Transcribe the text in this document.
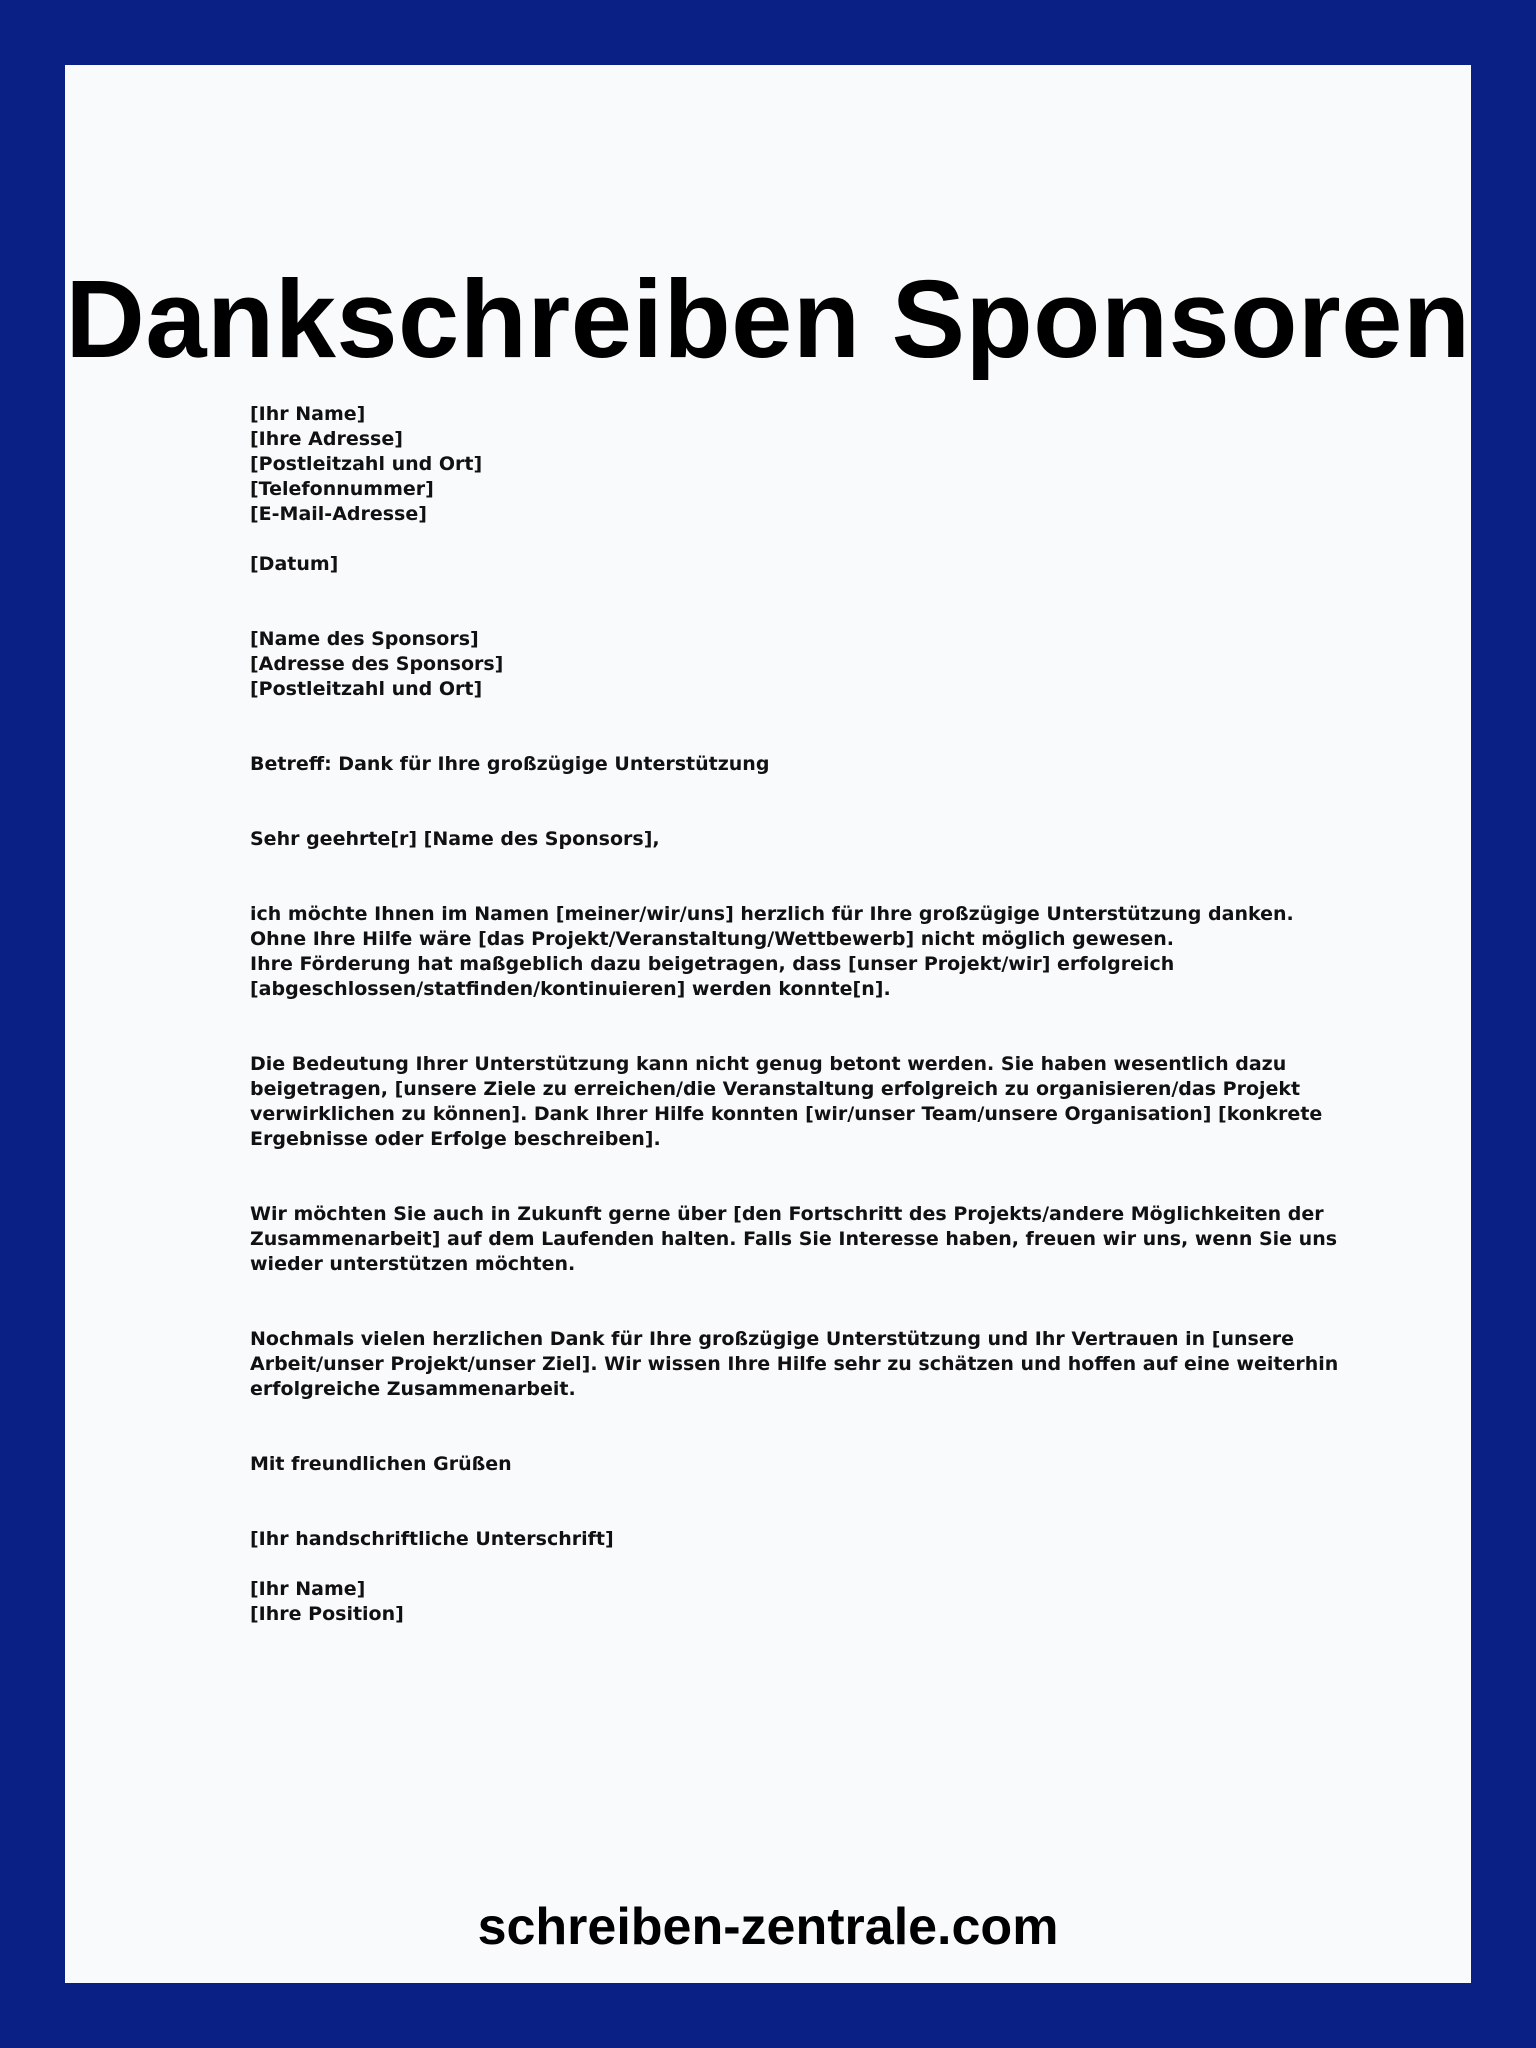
Dankschreiben Sponsoren
[Ihr Name]
[Ihre Adresse]
[Postleitzahl und Ort]
[Telefonnummer]
[E-Mail-Adresse]
[Datum]
[Name des Sponsors]
[Adresse des Sponsors]
[Postleitzahl und Ort]
Betreff: Dank für Ihre großzügige Unterstützung
Sehr geehrte[r] [Name des Sponsors],
ich möchte Ihnen im Namen [meiner/wir/uns] herzlich für Ihre großzügige Unterstützung danken. Ohne Ihre Hilfe wäre [das Projekt/Veranstaltung/Wettbewerb] nicht möglich gewesen.
Ihre Förderung hat maßgeblich dazu beigetragen, dass [unser Projekt/wir] erfolgreich [abgeschlossen/statfinden/kontinuieren] werden konnte[n].
Die Bedeutung Ihrer Unterstützung kann nicht genug betont werden. Sie haben wesentlich dazu beigetragen, [unsere Ziele zu erreichen/die Veranstaltung erfolgreich zu organisieren/das Projekt verwirklichen zu können]. Dank Ihrer Hilfe konnten [wir/unser Team/unsere Organisation] [konkrete Ergebnisse oder Erfolge beschreiben].
Wir möchten Sie auch in Zukunft gerne über [den Fortschritt des Projekts/andere Möglichkeiten der Zusammenarbeit] auf dem Laufenden halten. Falls Sie Interesse haben, freuen wir uns, wenn Sie uns wieder unterstützen möchten.
Nochmals vielen herzlichen Dank für Ihre großzügige Unterstützung und Ihr Vertrauen in [unsere Arbeit/unser Projekt/unser Ziel]. Wir wissen Ihre Hilfe sehr zu schätzen und hoffen auf eine weiterhin erfolgreiche Zusammenarbeit.
Mit freundlichen Grüßen
[Ihr handschriftliche Unterschrift]
[Ihr Name]
[Ihre Position]
schreiben-zentrale.com
